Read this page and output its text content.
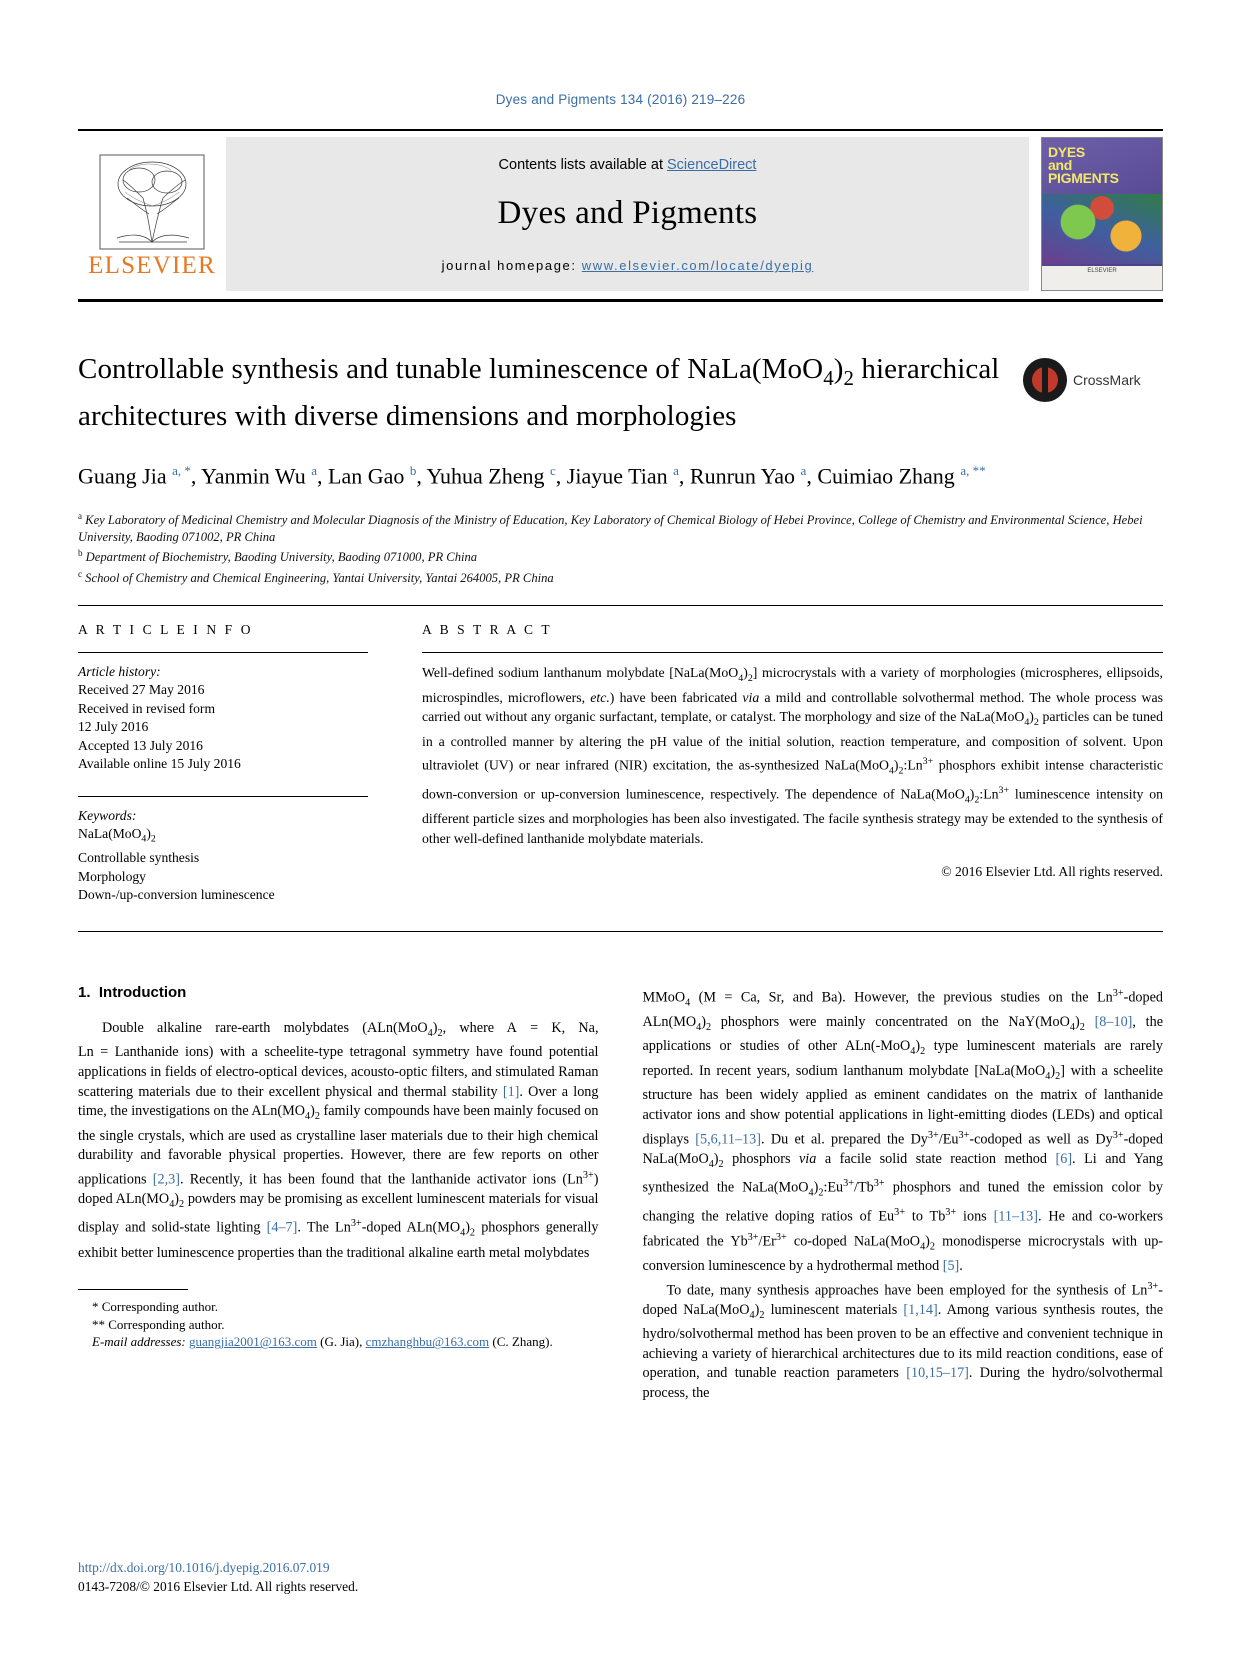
Dyes and Pigments 134 (2016) 219–226
ELSEVIER
Contents lists available at ScienceDirect
Dyes and Pigments
journal homepage: www.elsevier.com/locate/dyepig
DYES
and
PIGMENTS
ELSEVIER
Controllable synthesis and tunable luminescence of $NaLa(MoO_4)_2$ hierarchical architectures with diverse dimensions and morphologies
CrossMark
Guang Jia $^{a, *}$, Yanmin Wu $^a$, Lan Gao $^b$, Yuhua Zheng $^c$, Jiayue Tian $^a$, Runrun Yao $^a$, Cuimiao Zhang $^{a, **}$
$^a$ Key Laboratory of Medicinal Chemistry and Molecular Diagnosis of the Ministry of Education, Key Laboratory of Chemical Biology of Hebei Province, College of Chemistry and Environmental Science, Hebei University, Baoding 071002, PR China
$^b$ Department of Biochemistry, Baoding University, Baoding 071000, PR China
$^c$ School of Chemistry and Chemical Engineering, Yantai University, Yantai 264005, PR China
A R T I C L E I N F O
Article history:
Received 27 May 2016
Received in revised form
12 July 2016
Accepted 13 July 2016
Available online 15 July 2016
Keywords:
$NaLa(MoO_4)_2$
Controllable synthesis
Morphology
Down-/up-conversion luminescence
A B S T R A C T
Well-defined sodium lanthanum molybdate $[NaLa(MoO_4)_2]$ microcrystals with a variety of morphologies (microspheres, ellipsoids, microspindles, microflowers, etc.) have been fabricated via a mild and controllable solvothermal method. The whole process was carried out without any organic surfactant, template, or catalyst. The morphology and size of the $NaLa(MoO_4)_2$ particles can be tuned in a controlled manner by altering the pH value of the initial solution, reaction temperature, and composition of solvent. Upon ultraviolet (UV) or near infrared (NIR) excitation, the as-synthesized $NaLa(MoO_4)_2:Ln^{3+}$ phosphors exhibit intense characteristic down-conversion or up-conversion luminescence, respectively. The dependence of $NaLa(MoO_4)_2:Ln^{3+}$ luminescence intensity on different particle sizes and morphologies has been also investigated. The facile synthesis strategy may be extended to the synthesis of other well-defined lanthanide molybdate materials.
© 2016 Elsevier Ltd. All rights reserved.
1. Introduction

Double alkaline rare-earth molybdates ($ALn(MoO_4)_2$, where A = K, Na, Ln = Lanthanide ions) with a scheelite-type tetragonal symmetry have found potential applications in fields of electro-optical devices, acousto-optic filters, and stimulated Raman scattering materials due to their excellent physical and thermal stability [1]. Over a long time, the investigations on the $ALn(MO_4)_2$ family compounds have been mainly focused on the single crystals, which are used as crystalline laser materials due to their high chemical durability and favorable physical properties. However, there are few reports on other applications [2,3]. Recently, it has been found that the lanthanide activator ions $(Ln^{3+})$ doped $ALn(MO_4)_2$ powders may be promising as excellent luminescent materials for visual display and solid-state lighting [4–7]. The $Ln^{3+}$-doped $ALn(MO_4)_2$ phosphors generally exhibit better luminescence properties than the traditional alkaline earth metal molybdates

* Corresponding author.
** Corresponding author.
E-mail addresses: guangjia2001@163.com (G. Jia), cmzhanghbu@163.com (C. Zhang).

MMoO$_4$ (M = Ca, Sr, and Ba). However, the previous studies on the $Ln^{3+}$-doped $ALn(MO_4)_2$ phosphors were mainly concentrated on the $NaY(MoO_4)_2$ [8–10], the applications or studies of other $ALn(-MoO_4)_2$ type luminescent materials are rarely reported. In recent years, sodium lanthanum molybdate $[NaLa(MoO_4)_2]$ with a scheelite structure has been widely applied as eminent candidates on the matrix of lanthanide activator ions and show potential applications in light-emitting diodes (LEDs) and optical displays [5,6,11–13]. Du et al. prepared the $Dy^{3+}/Eu^{3+}$-codoped as well as $Dy^{3+}$-doped $NaLa(MoO_4)_2$ phosphors via a facile solid state reaction method [6]. Li and Yang synthesized the $NaLa(MoO_4)_2:Eu^{3+}/Tb^{3+}$ phosphors and tuned the emission color by changing the relative doping ratios of $Eu^{3+}$ to $Tb^{3+}$ ions [11–13]. He and co-workers fabricated the $Yb^{3+}/Er^{3+}$ co-doped $NaLa(MoO_4)_2$ monodisperse microcrystals with up-conversion luminescence by a hydrothermal method [5].

To date, many synthesis approaches have been employed for the synthesis of $Ln^{3+}$-doped $NaLa(MoO_4)_2$ luminescent materials [1,14]. Among various synthesis routes, the hydro/solvothermal method has been proven to be an effective and convenient technique in achieving a variety of hierarchical architectures due to its mild reaction conditions, ease of operation, and tunable reaction parameters [10,15–17]. During the hydro/solvothermal process, the

http://dx.doi.org/10.1016/j.dyepig.2016.07.019
0143-7208/© 2016 Elsevier Ltd. All rights reserved.
